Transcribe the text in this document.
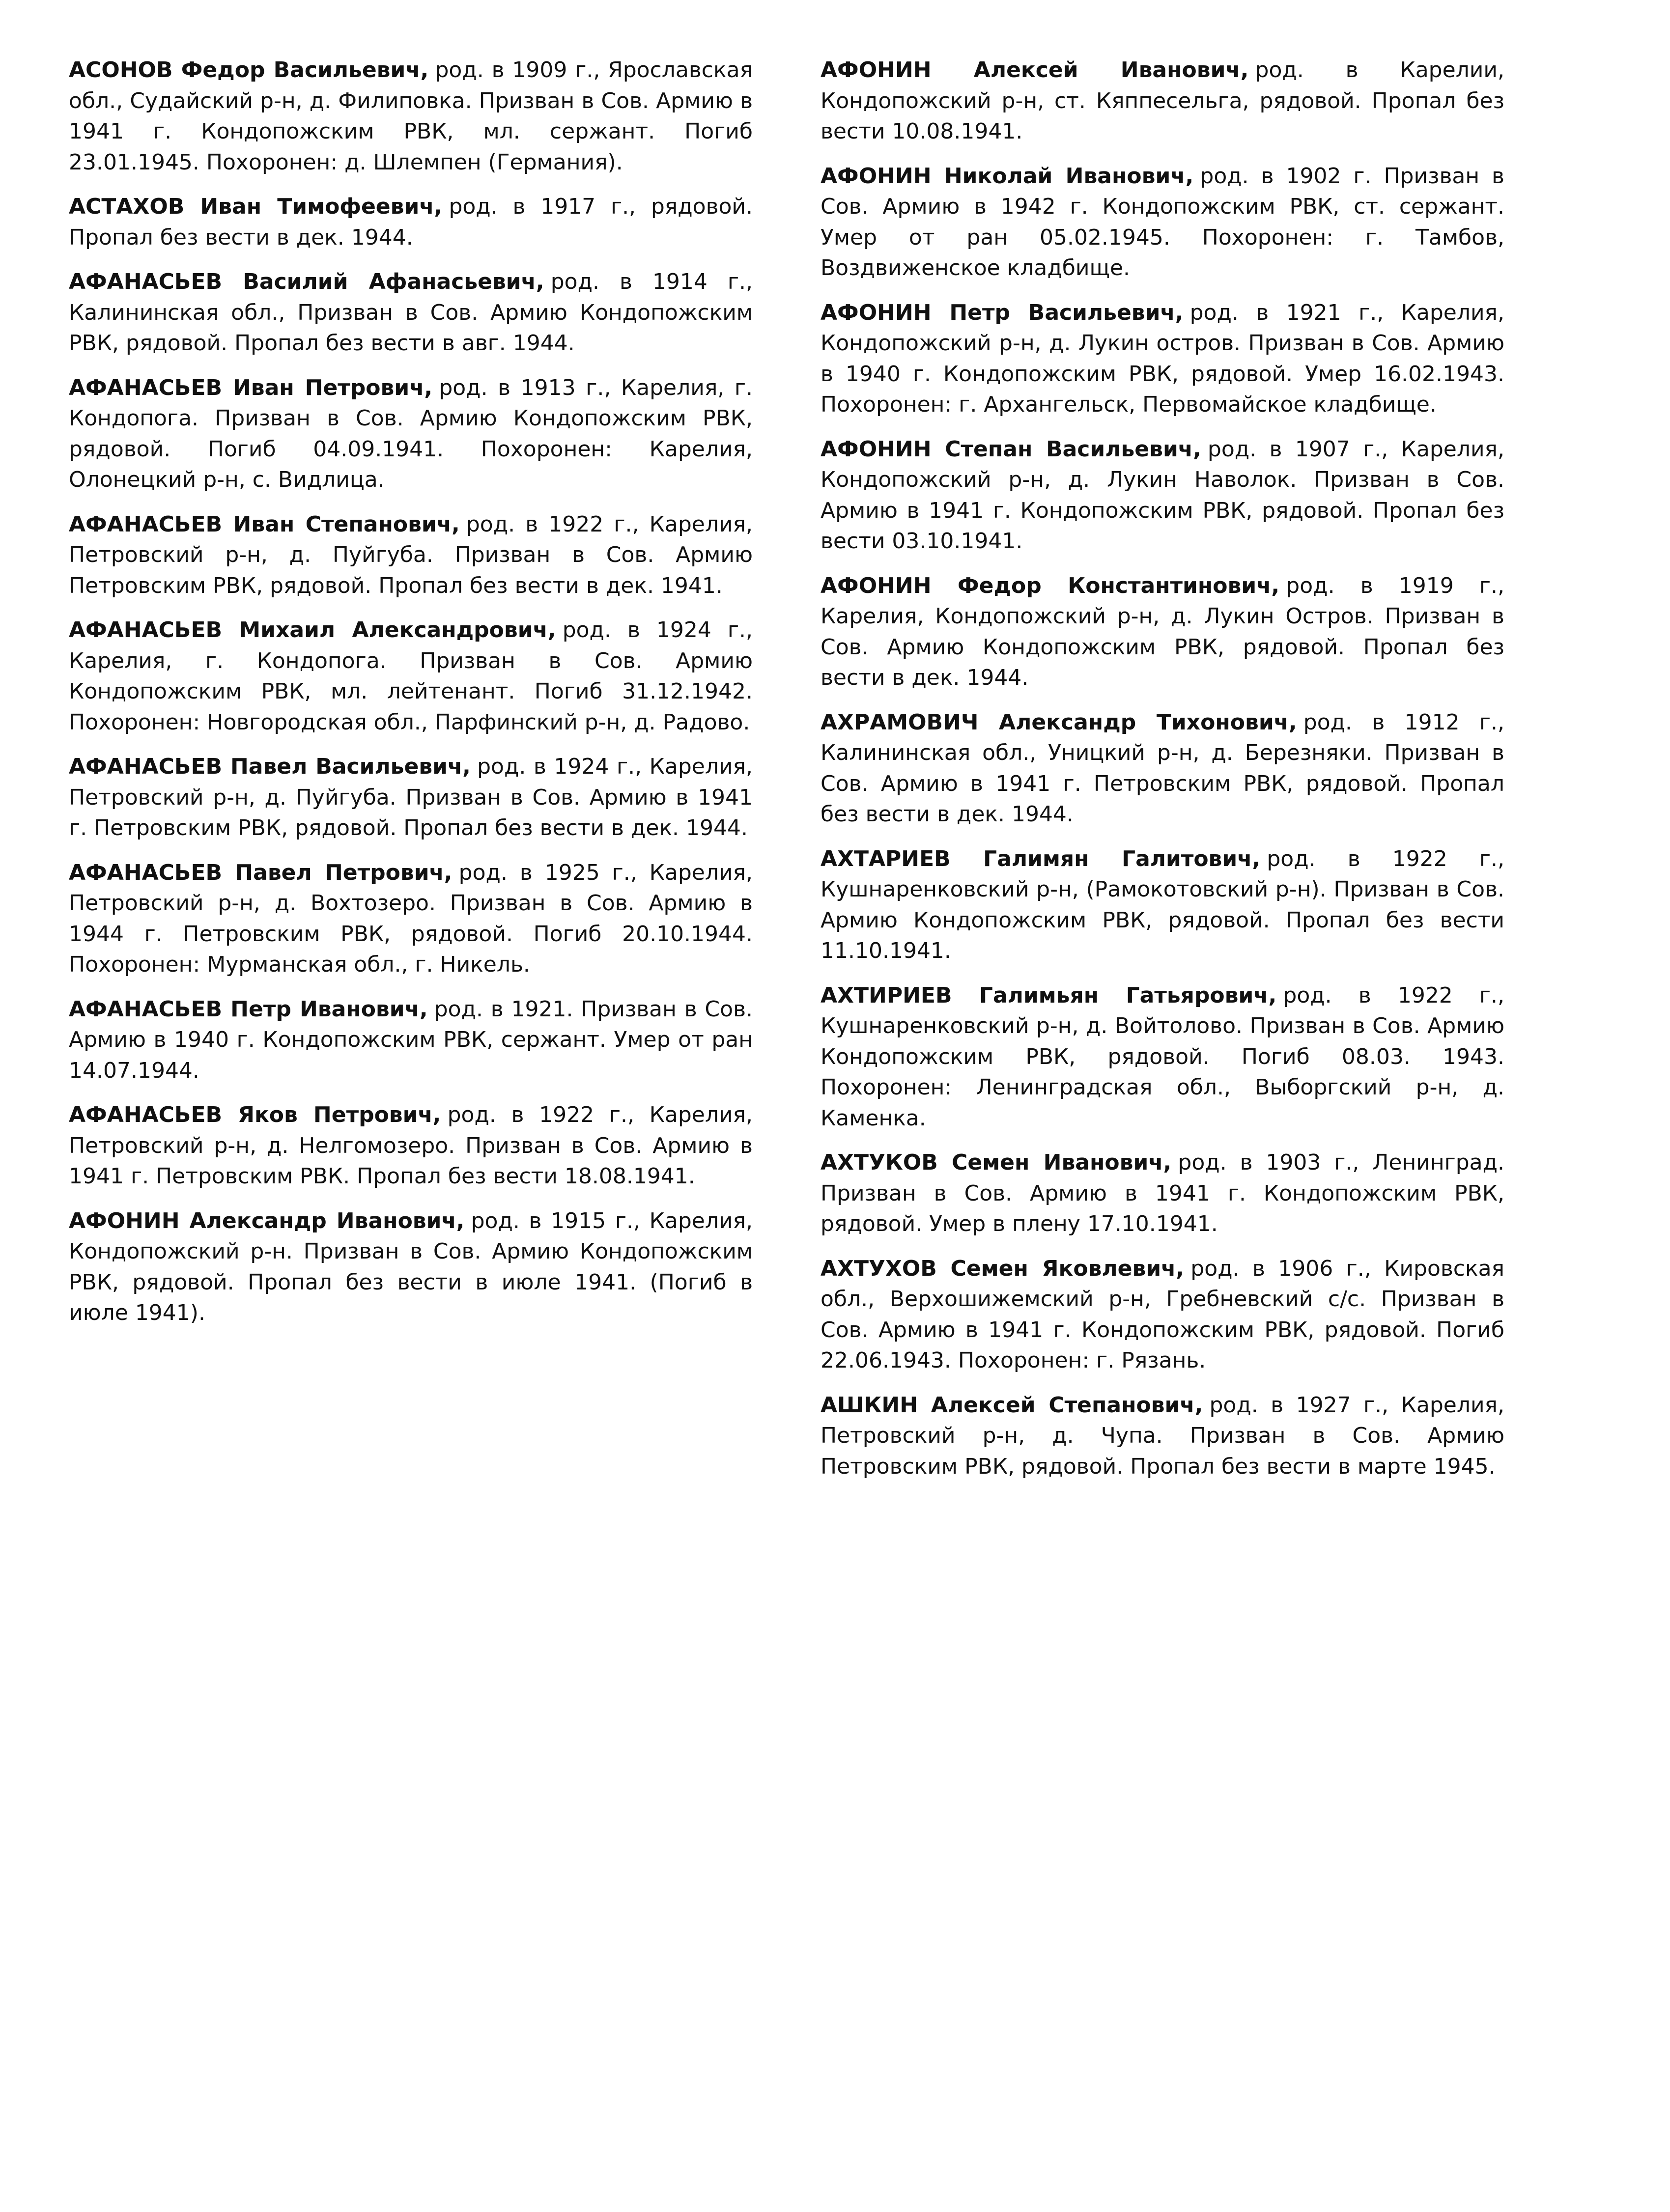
АСОНОВ Федор Васильевич, род. в 1909 г., Ярославская обл., Судайский р-н, д. Филиповка. Призван в Сов. Армию в 1941 г. Кондопожским РВК, мл. сержант. Погиб 23.01.1945. Похоронен: д. Шлемпен (Германия).

АСТАХОВ Иван Тимофеевич, род. в 1917 г., рядовой. Пропал без вести в дек. 1944.

АФАНАСЬЕВ Василий Афанасьевич, род. в 1914 г., Калининская обл., Призван в Сов. Армию Кондопожским РВК, рядовой. Пропал без вести в авг. 1944.

АФАНАСЬЕВ Иван Петрович, род. в 1913 г., Карелия, г. Кондопога. Призван в Сов. Армию Кондопожским РВК, рядовой. Погиб 04.09.1941. Похоронен: Карелия, Олонецкий р-н, с. Видлица.

АФАНАСЬЕВ Иван Степанович, род. в 1922 г., Карелия, Петровский р-н, д. Пуйгуба. Призван в Сов. Армию Петровским РВК, рядовой. Пропал без вести в дек. 1941.

АФАНАСЬЕВ Михаил Александрович, род. в 1924 г., Карелия, г. Кондопога. Призван в Сов. Армию Кондопожским РВК, мл. лейтенант. Погиб 31.12.1942. Похоронен: Новгородская обл., Парфинский р-н, д. Радово.

АФАНАСЬЕВ Павел Васильевич, род. в 1924 г., Карелия, Петровский р-н, д. Пуйгуба. Призван в Сов. Армию в 1941 г. Петровским РВК, рядовой. Пропал без вести в дек. 1944.

АФАНАСЬЕВ Павел Петрович, род. в 1925 г., Карелия, Петровский р-н, д. Вохтозеро. Призван в Сов. Армию в 1944 г. Петровским РВК, рядовой. Погиб 20.10.1944. Похоронен: Мурманская обл., г. Никель.

АФАНАСЬЕВ Петр Иванович, род. в 1921. Призван в Сов. Армию в 1940 г. Кондопожским РВК, сержант. Умер от ран 14.07.1944.

АФАНАСЬЕВ Яков Петрович, род. в 1922 г., Карелия, Петровский р-н, д. Нелгомозеро. Призван в Сов. Армию в 1941 г. Петровским РВК. Пропал без вести 18.08.1941.

АФОНИН Александр Иванович, род. в 1915 г., Карелия, Кондопожский р-н. Призван в Сов. Армию Кондопожским РВК, рядовой. Пропал без вести в июле 1941. (Погиб в июле 1941).

АФОНИН Алексей Иванович, род. в Карелии, Кондопожский р-н, ст. Кяппесельга, рядовой. Пропал без вести 10.08.1941.

АФОНИН Николай Иванович, род. в 1902 г. Призван в Сов. Армию в 1942 г. Кондопожским РВК, ст. сержант. Умер от ран 05.02.1945. Похоронен: г. Тамбов, Воздвиженское кладбище.

АФОНИН Петр Васильевич, род. в 1921 г., Карелия, Кондопожский р-н, д. Лукин остров. Призван в Сов. Армию в 1940 г. Кондопожским РВК, рядовой. Умер 16.02.1943. Похоронен: г. Архангельск, Первомайское кладбище.

АФОНИН Степан Васильевич, род. в 1907 г., Карелия, Кондопожский р-н, д. Лукин Наволок. Призван в Сов. Армию в 1941 г. Кондопожским РВК, рядовой. Пропал без вести 03.10.1941.

АФОНИН Федор Константинович, род. в 1919 г., Карелия, Кондопожский р-н, д. Лукин Остров. Призван в Сов. Армию Кондопожским РВК, рядовой. Пропал без вести в дек. 1944.

АХРАМОВИЧ Александр Тихонович, род. в 1912 г., Калининская обл., Уницкий р-н, д. Березняки. Призван в Сов. Армию в 1941 г. Петровским РВК, рядовой. Пропал без вести в дек. 1944.

АХТАРИЕВ Галимян Галитович, род. в 1922 г., Кушнаренковский р-н, (Рамокотовский р-н). Призван в Сов. Армию Кондопожским РВК, рядовой. Пропал без вести 11.10.1941.

АХТИРИЕВ Галимьян Гатьярович, род. в 1922 г., Кушнаренковский р-н, д. Войтолово. Призван в Сов. Армию Кондопожским РВК, рядовой. Погиб 08.03. 1943. Похоронен: Ленинградская обл., Выборгский р-н, д. Каменка.

АХТУКОВ Семен Иванович, род. в 1903 г., Ленинград. Призван в Сов. Армию в 1941 г. Кондопожским РВК, рядовой. Умер в плену 17.10.1941.

АХТУХОВ Семен Яковлевич, род. в 1906 г., Кировская обл., Верхошижемский р-н, Гребневский с/с. Призван в Сов. Армию в 1941 г. Кондопожским РВК, рядовой. Погиб 22.06.1943. Похоронен: г. Рязань.

АШКИН Алексей Степанович, род. в 1927 г., Карелия, Петровский р-н, д. Чупа. Призван в Сов. Армию Петровским РВК, рядовой. Пропал без вести в марте 1945.
